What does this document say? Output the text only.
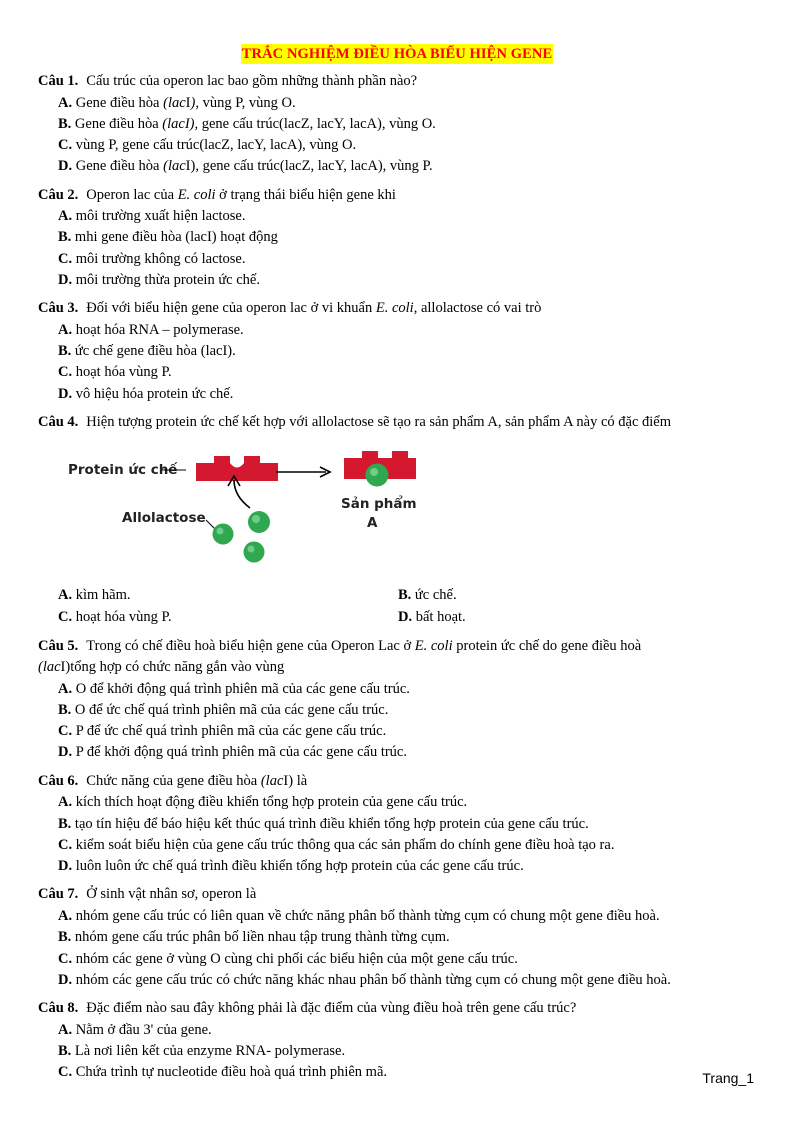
TRẮC NGHIỆM ĐIỀU HÒA BIỂU HIỆN GENE
Câu 1. Cấu trúc của operon lac bao gồm những thành phần nào?
A. Gene điều hòa (lacI), vùng P, vùng O.
B. Gene điều hòa (lacI), gene cấu trúc(lacZ, lacY, lacA), vùng O.
C. vùng P, gene cấu trúc(lacZ, lacY, lacA), vùng O.
D. Gene điều hòa (lacI), gene cấu trúc(lacZ, lacY, lacA), vùng P.
Câu 2. Operon lac của E. coli ở trạng thái biểu hiện gene khi
A. môi trường xuất hiện lactose.
B. mhi gene điều hòa (lacI) hoạt động
C. môi trường không có lactose.
D. môi trường thừa protein ức chế.
Câu 3. Đối với biểu hiện gene của operon lac ở vi khuẩn E. coli, allolactose có vai trò
A. hoạt hóa RNA – polymerase.
B. ức chế gene điều hòa (lacI).
C. hoạt hóa vùng P.
D. vô hiệu hóa protein ức chế.
Câu 4. Hiện tượng protein ức chế kết hợp với allolactose sẽ tạo ra sản phẩm A, sản phẩm A này có đặc điểm
Protein ức chế
Allolactose
Sản phẩm
A
A. kìm hãm.	B. ức chế.
C. hoạt hóa vùng P.	D. bất hoạt.
Câu 5. Trong có chế điều hoà biểu hiện gene của Operon Lac ở E. coli protein ức chế do gene điều hoà
(lacI)tổng hợp có chức năng gắn vào vùng
A. O để khởi động quá trình phiên mã của các gene cấu trúc.
B. O để ức chế quá trình phiên mã của các gene cấu trúc.
C. P để ức chế quá trình phiên mã của các gene cấu trúc.
D. P để khởi động quá trình phiên mã của các gene cấu trúc.
Câu 6. Chức năng của gene điều hòa (lacI) là
A. kích thích hoạt động điều khiển tổng hợp protein của gene cấu trúc.
B. tạo tín hiệu để báo hiệu kết thúc quá trình điều khiển tổng hợp protein của gene cấu trúc.
C. kiểm soát biểu hiện của gene cấu trúc thông qua các sản phẩm do chính gene điều hoà tạo ra.
D. luôn luôn ức chế quá trình điều khiển tổng hợp protein của các gene cấu trúc.
Câu 7. Ở sinh vật nhân sơ, operon là
A. nhóm gene cấu trúc có liên quan về chức năng phân bố thành từng cụm có chung một gene điều hoà.
B. nhóm gene cấu trúc phân bố liền nhau tập trung thành từng cụm.
C. nhóm các gene ở vùng O cùng chi phối các biểu hiện của một gene cấu trúc.
D. nhóm các gene cấu trúc có chức năng khác nhau phân bố thành từng cụm có chung một gene điều hoà.
Câu 8. Đặc điểm nào sau đây không phải là đặc điểm của vùng điều hoà trên gene cấu trúc?
A. Nằm ở đầu 3' của gene.
B. Là nơi liên kết của enzyme RNA- polymerase.
C. Chứa trình tự nucleotide điều hoà quá trình phiên mã.	Trang_1
